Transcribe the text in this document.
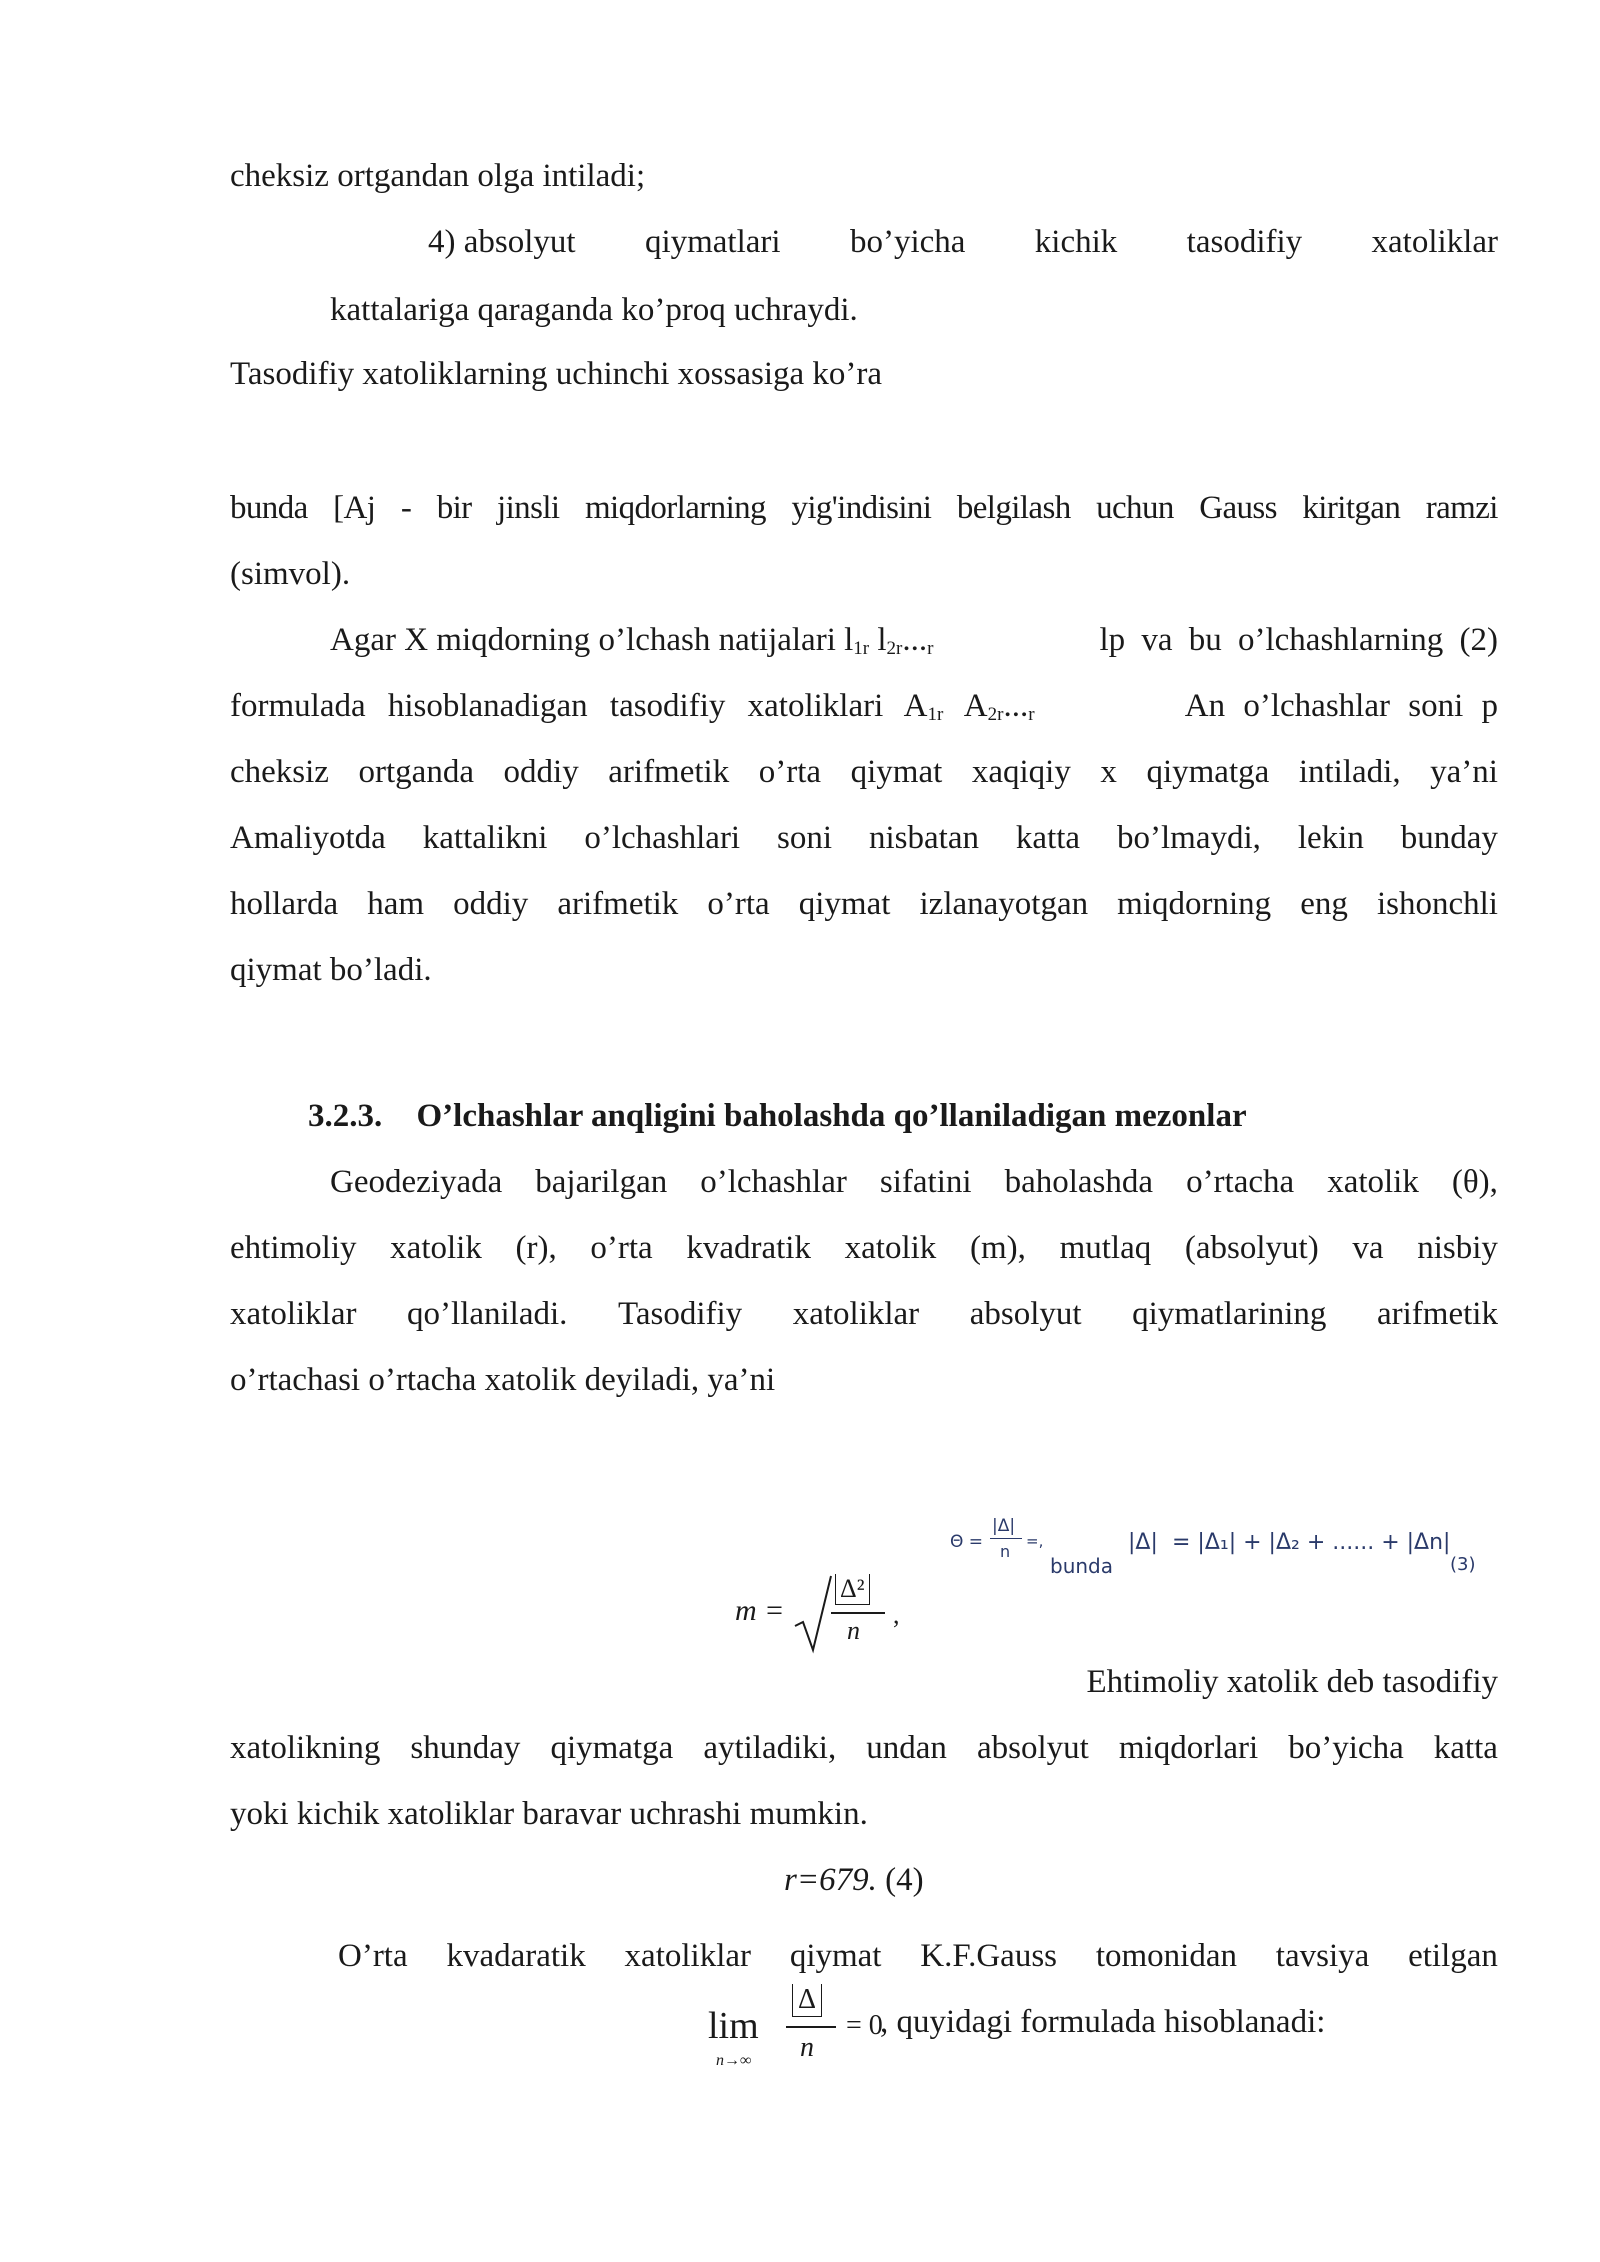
cheksiz ortgandan olga intiladi;
4) absolyut qiymatlari bo’yicha kichik tasodifiy xatoliklar
kattalariga qaraganda ko’proq uchraydi.
Tasodifiy xatoliklarning uchinchi xossasiga ko’ra
bunda [Aj - bir jinsli miqdorlarning yig'indisini belgilash uchun Gauss kiritgan ramzi
(simvol).
Agar X miqdorning o’lchash natijalari $l_{1r}$ $l_{2r}..._r$	lp va bu o’lchashlarning (2)
formulada hisoblanadigan tasodifiy xatoliklari $A_{1r}$ $A_{2r}..._r$	An o’lchashlar soni p
cheksiz ortganda oddiy arifmetik o’rta qiymat xaqiqiy x qiymatga intiladi, ya’ni
Amaliyotda kattalikni o’lchashlari soni nisbatan katta bo’lmaydi, lekin bunday
hollarda ham oddiy arifmetik o’rta qiymat izlanayotgan miqdorning eng ishonchli
qiymat bo’ladi.
3.2.3. O’lchashlar anqligini baholashda qo’llaniladigan mezonlar
Geodeziyada bajarilgan o’lchashlar sifatini baholashda o’rtacha xatolik (θ),
ehtimoliy xatolik (r), o’rta kvadratik xatolik (m), mutlaq (absolyut) va nisbiy
xatoliklar qo’llaniladi. Tasodifiy xatoliklar absolyut qiymatlarining arifmetik
o’rtachasi o’rtacha xatolik deyiladi, ya’ni
Θ =
|Δ|
n
=,
bunda
|Δ| = |Δ₁| + |Δ₂ + ...... + |Δn|
(3)
m =
Δ²
n
,
Ehtimoliy xatolik deb tasodifiy
xatolikning shunday qiymatga aytiladiki, undan absolyut miqdorlari bo’yicha katta
yoki kichik xatoliklar baravar uchrashi mumkin.
r=679. (4)
O’rta kvadaratik xatoliklar qiymat K.F.Gauss tomonidan tavsiya etilgan
lim
n→∞
Δ
n
= 0
, quyidagi formulada hisoblanadi:
